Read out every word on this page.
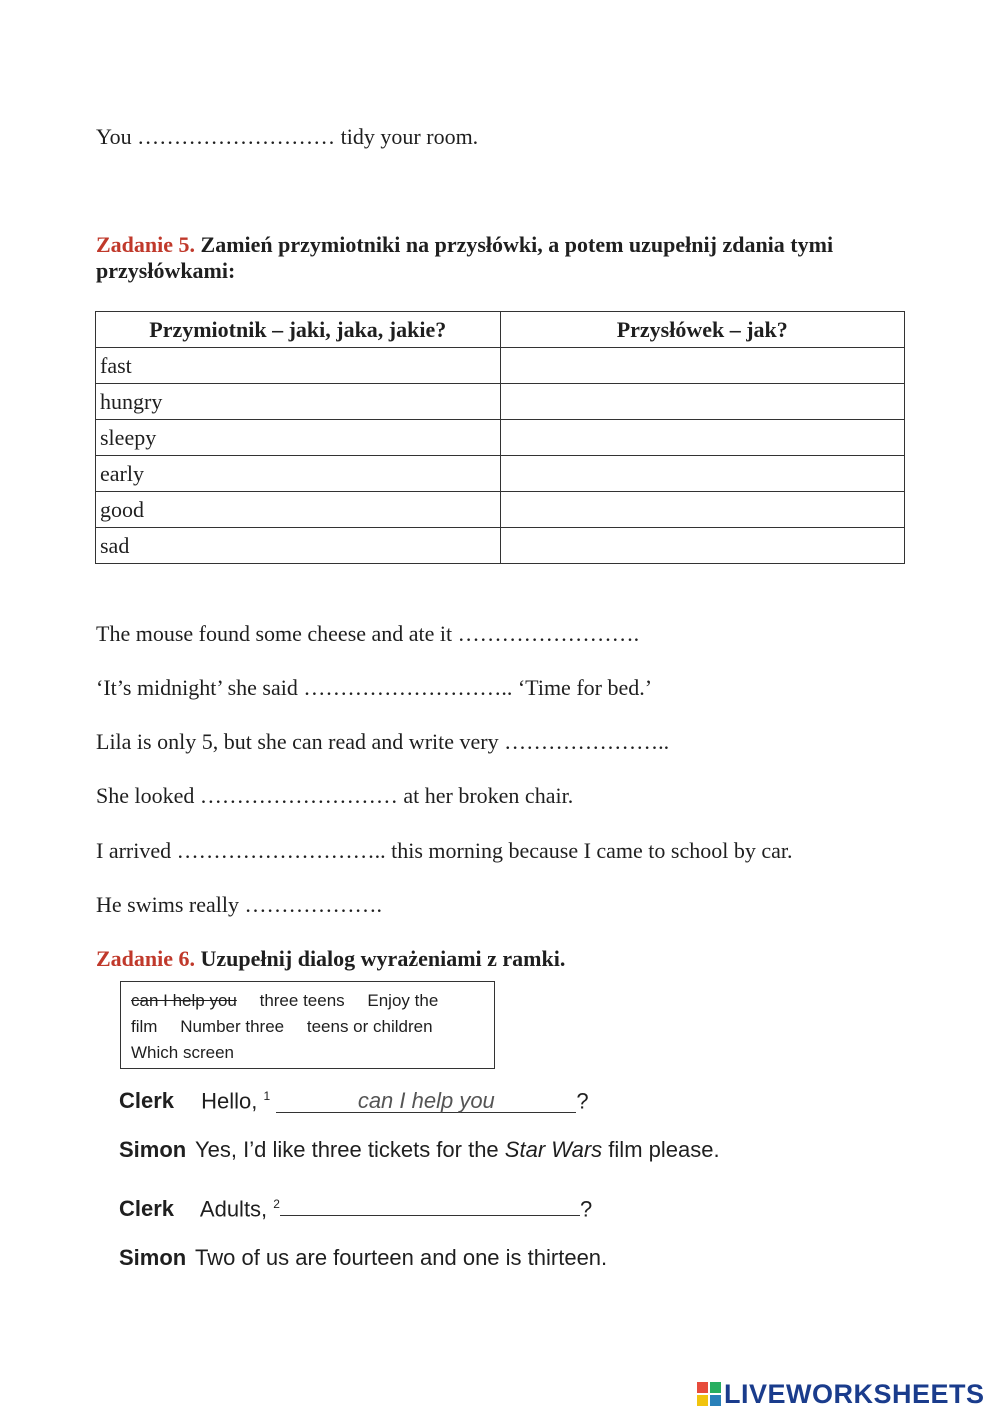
You ……………………… tidy your room.
Zadanie 5. Zamień przymiotniki na przysłówki, a potem uzupełnij zdania tymi
przysłówkami:
Przymiotnik – jaki, jaka, jakie?	Przysłówek – jak?
fast	
hungry	
sleepy	
early	
good	
sad	
The mouse found some cheese and ate it …………………….
‘It’s midnight’ she said ……………………….. ‘Time for bed.’
Lila is only 5, but she can read and write very …………………..
She looked ……………………… at her broken chair.
I arrived ……………………….. this morning because I came to school by car.
He swims really ……………….
Zadanie 6. Uzupełnij dialog wyrażeniami z ramki.
can I help you three teens Enjoy the
film Number three teens or children
Which screen
Clerk Hello, $^1$	can I help you	?
Simon Yes, I’d like three tickets for the Star Wars film please.
Clerk Adults, $^2$	?
Simon Two of us are fourteen and one is thirteen.
LIVEWORKSHEETS
